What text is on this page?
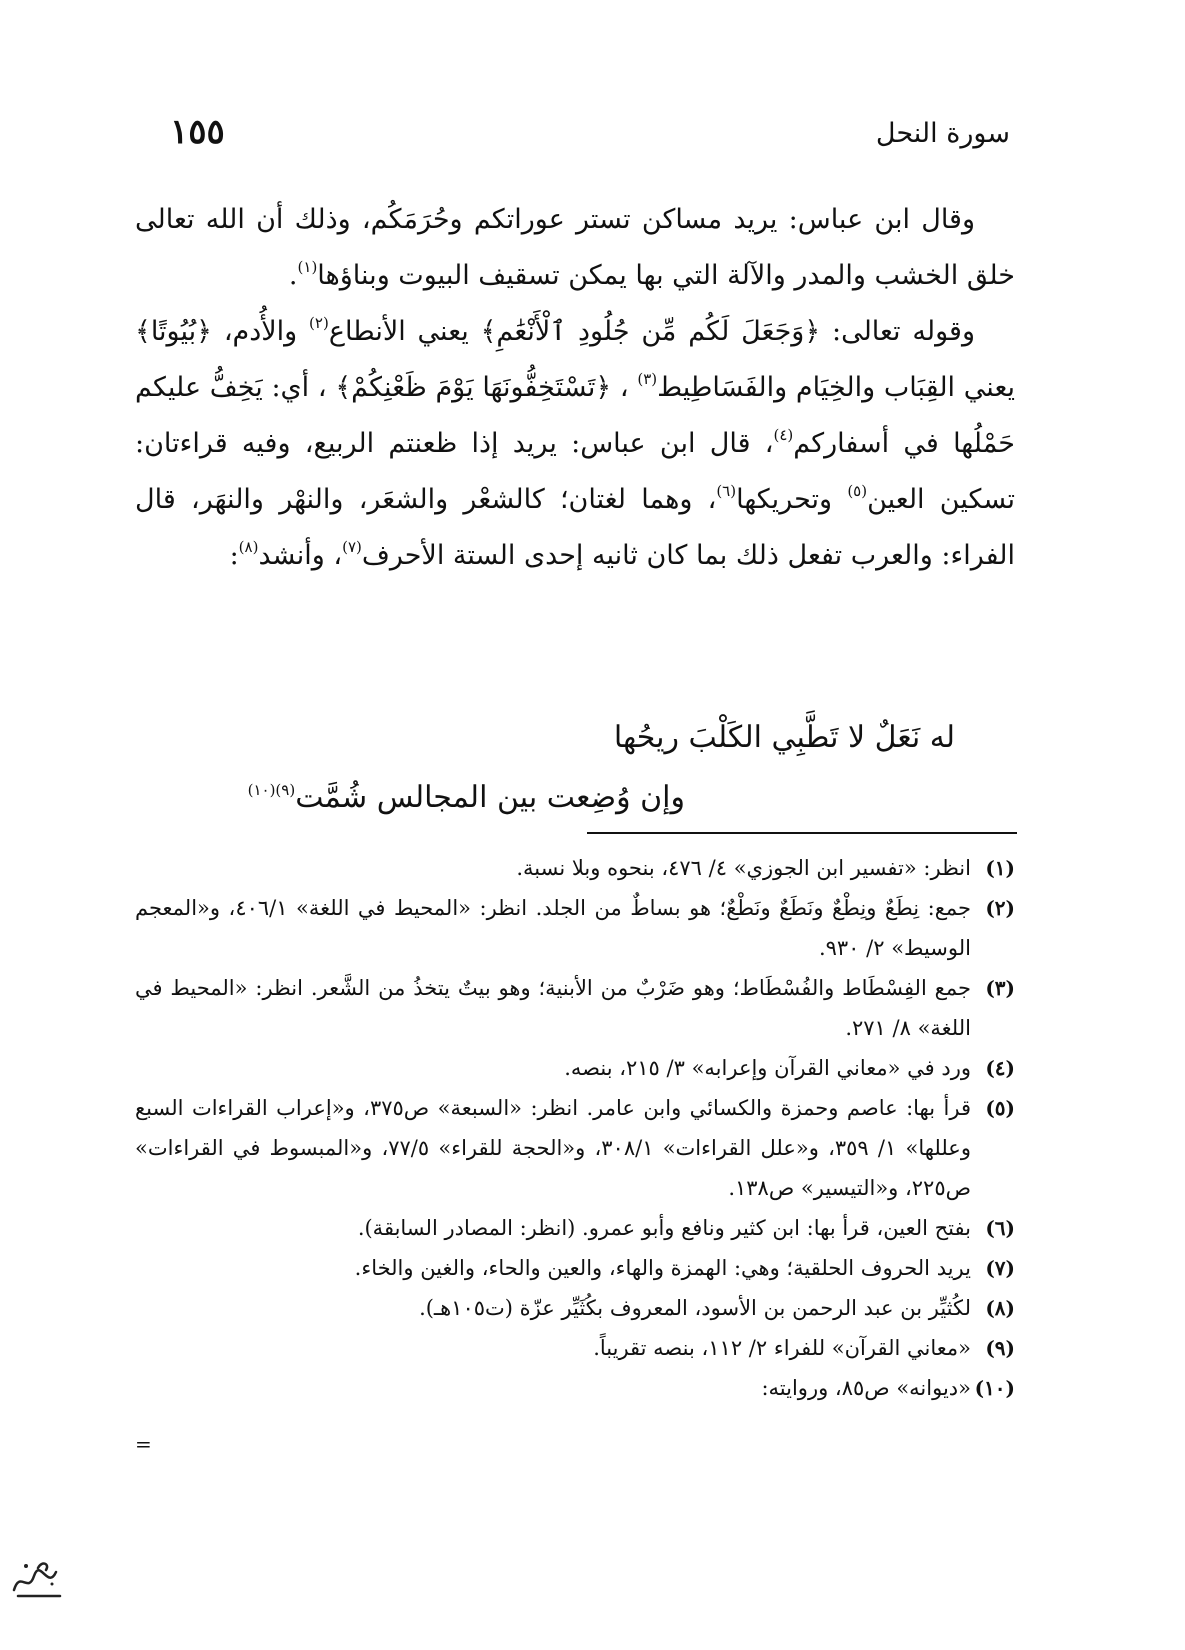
سورة النحل
١٥٥

وقال ابن عباس: يريد مساكن تستر عوراتكم وحُرَمَكُم، وذلك أن الله تعالى خلق الخشب والمدر والآلة التي بها يمكن تسقيف البيوت وبناؤها$^{(١)}$.

وقوله تعالى: ﴿وَجَعَلَ لَكُم مِّن جُلُودِ ٱلْأَنْعَٰمِ﴾ يعني الأنطاع$^{(٢)}$ والأُدم، ﴿بُيُوتًا﴾ يعني القِبَاب والخِيَام والفَسَاطِيط$^{(٣)}$ ، ﴿تَسْتَخِفُّونَهَا يَوْمَ ظَعْنِكُمْ﴾ ، أي: يَخِفُّ عليكم حَمْلُها في أسفاركم$^{(٤)}$، قال ابن عباس: يريد إذا ظعنتم الربيع، وفيه قراءتان: تسكين العين$^{(٥)}$ وتحريكها$^{(٦)}$، وهما لغتان؛ كالشعْر والشعَر، والنهْر والنهَر، قال الفراء: والعرب تفعل ذلك بما كان ثانيه إحدى الستة الأحرف$^{(٧)}$، وأنشد$^{(٨)}$:

له نَعَلٌ لا تَطَّبِي الكَلْبَ ريحُها
وإن وُضِعت بين المجالس شُمَّت$^{(٩)(١٠)}$
(١)
انظر: «تفسير ابن الجوزي» ٤/ ٤٧٦، بنحوه وبلا نسبة.
(٢)
جمع: نِطَعٌ ونِطْعٌ ونَطَعٌ ونَطْعٌ؛ هو بساطٌ من الجلد. انظر: «المحيط في اللغة» ٤٠٦/١، و«المعجم الوسيط» ٢/ ٩٣٠.
(٣)
جمع الفِسْطَاط والفُسْطَاط؛ وهو ضَرْبٌ من الأبنية؛ وهو بيتٌ يتخذُ من الشَّعر. انظر: «المحيط في اللغة» ٨/ ٢٧١.
(٤)
ورد في «معاني القرآن وإعرابه» ٣/ ٢١٥، بنصه.
(٥)
قرأ بها: عاصم وحمزة والكسائي وابن عامر. انظر: «السبعة» ص٣٧٥، و«إعراب القراءات السبع وعللها» ١/ ٣٥٩، و«علل القراءات» ٣٠٨/١، و«الحجة للقراء» ٧٧/٥، و«المبسوط في القراءات» ص٢٢٥، و«التيسير» ص١٣٨.
(٦)
بفتح العين، قرأ بها: ابن كثير ونافع وأبو عمرو. (انظر: المصادر السابقة).
(٧)
يريد الحروف الحلقية؛ وهي: الهمزة والهاء، والعين والحاء، والغين والخاء.
(٨)
لكُثيِّر بن عبد الرحمن بن الأسود، المعروف بكُثَيِّر عزّة (ت١٠٥هـ).
(٩)
«معاني القرآن» للفراء ٢/ ١١٢، بنصه تقريباً.
(١٠)
«ديوانه» ص٨٥، وروايته:
=
